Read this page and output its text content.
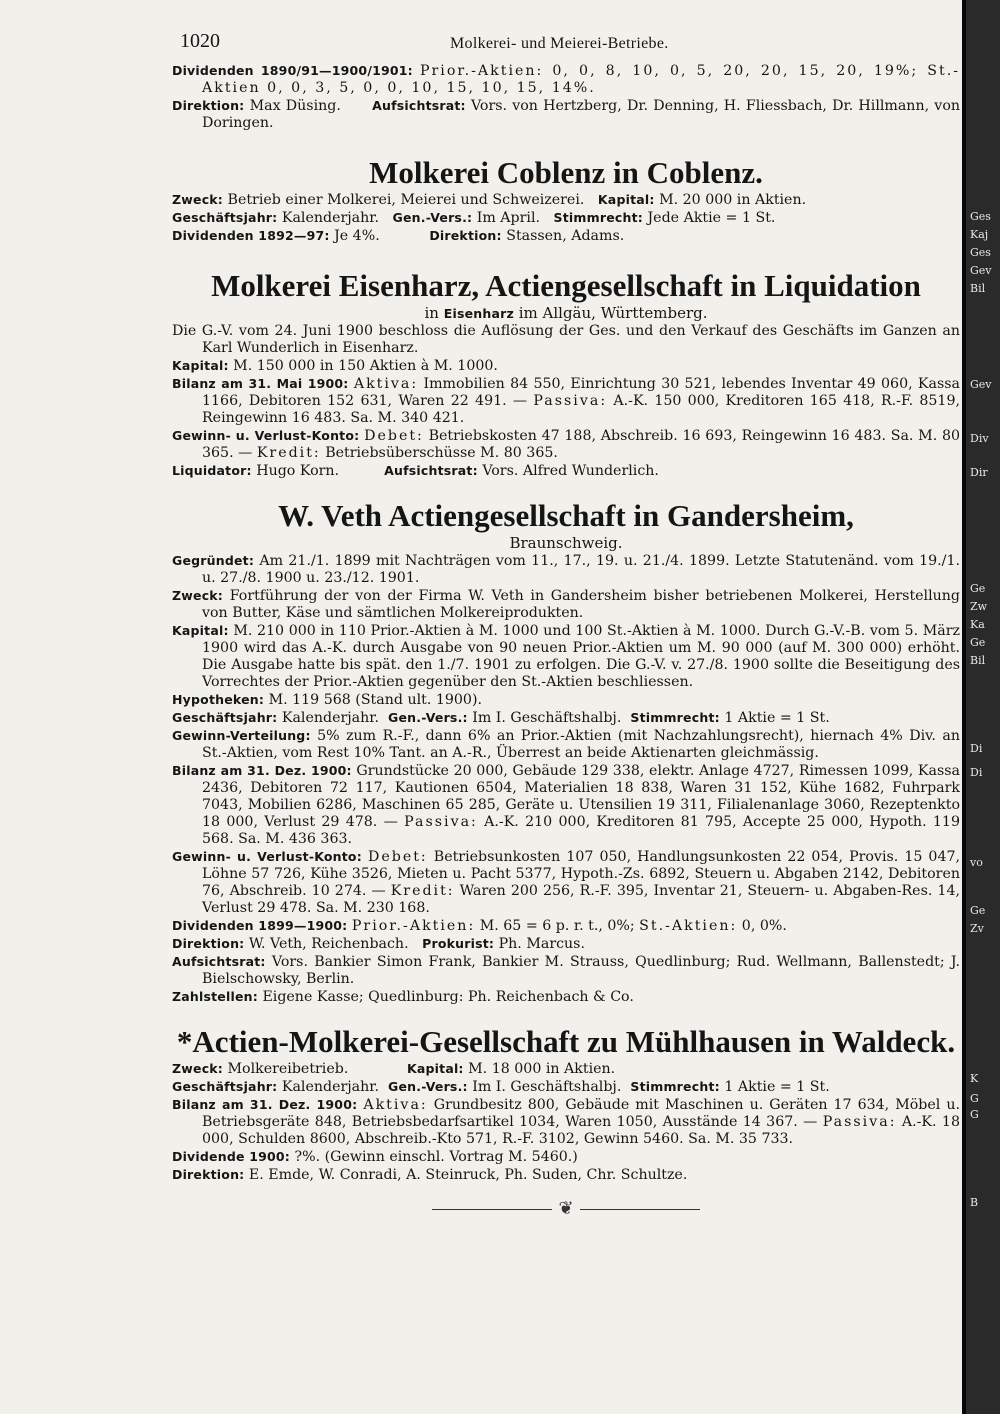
1020	Molkerei- und Meierei-Betriebe.

Dividenden 1890/91—1900/1901: Prior.-Aktien: 0, 0, 8, 10, 0, 5, 20, 20, 15, 20, 19%; St.-Aktien 0, 0, 3, 5, 0, 0, 10, 15, 10, 15, 14%.

Direktion: Max Düsing.	Aufsichtsrat: Vors. von Hertzberg, Dr. Denning, H. Fliessbach, Dr. Hillmann, von Doringen.

Molkerei Coblenz in Coblenz.

Zweck: Betrieb einer Molkerei, Meierei und Schweizerei. Kapital: M. 20 000 in Aktien.

Geschäftsjahr: Kalenderjahr. Gen.-Vers.: Im April. Stimmrecht: Jede Aktie = 1 St.

Dividenden 1892—97: Je 4%.	Direktion: Stassen, Adams.

Molkerei Eisenharz, Actiengesellschaft in Liquidation

in Eisenharz im Allgäu, Württemberg.

Die G.-V. vom 24. Juni 1900 beschloss die Auflösung der Ges. und den Verkauf des Geschäfts im Ganzen an Karl Wunderlich in Eisenharz.

Kapital: M. 150 000 in 150 Aktien à M. 1000.

Bilanz am 31. Mai 1900: Aktiva: Immobilien 84 550, Einrichtung 30 521, lebendes Inventar 49 060, Kassa 1166, Debitoren 152 631, Waren 22 491. — Passiva: A.-K. 150 000, Kreditoren 165 418, R.-F. 8519, Reingewinn 16 483. Sa. M. 340 421.

Gewinn- u. Verlust-Konto: Debet: Betriebskosten 47 188, Abschreib. 16 693, Reingewinn 16 483. Sa. M. 80 365. — Kredit: Betriebsüberschüsse M. 80 365.

Liquidator: Hugo Korn.	Aufsichtsrat: Vors. Alfred Wunderlich.

W. Veth Actiengesellschaft in Gandersheim,

Braunschweig.

Gegründet: Am 21./1. 1899 mit Nachträgen vom 11., 17., 19. u. 21./4. 1899. Letzte Statutenänd. vom 19./1. u. 27./8. 1900 u. 23./12. 1901.

Zweck: Fortführung der von der Firma W. Veth in Gandersheim bisher betriebenen Molkerei, Herstellung von Butter, Käse und sämtlichen Molkereiprodukten.

Kapital: M. 210 000 in 110 Prior.-Aktien à M. 1000 und 100 St.-Aktien à M. 1000. Durch G.-V.-B. vom 5. März 1900 wird das A.-K. durch Ausgabe von 90 neuen Prior.-Aktien um M. 90 000 (auf M. 300 000) erhöht. Die Ausgabe hatte bis spät. den 1./7. 1901 zu erfolgen. Die G.-V. v. 27./8. 1900 sollte die Beseitigung des Vorrechtes der Prior.-Aktien gegenüber den St.-Aktien beschliessen.

Hypotheken: M. 119 568 (Stand ult. 1900).

Geschäftsjahr: Kalenderjahr. Gen.-Vers.: Im I. Geschäftshalbj. Stimmrecht: 1 Aktie = 1 St.

Gewinn-Verteilung: 5% zum R.-F., dann 6% an Prior.-Aktien (mit Nachzahlungsrecht), hiernach 4% Div. an St.-Aktien, vom Rest 10% Tant. an A.-R., Überrest an beide Aktienarten gleichmässig.

Bilanz am 31. Dez. 1900: Grundstücke 20 000, Gebäude 129 338, elektr. Anlage 4727, Rimessen 1099, Kassa 2436, Debitoren 72 117, Kautionen 6504, Materialien 18 838, Waren 31 152, Kühe 1682, Fuhrpark 7043, Mobilien 6286, Maschinen 65 285, Geräte u. Utensilien 19 311, Filialenanlage 3060, Rezeptenkto 18 000, Verlust 29 478. — Passiva: A.-K. 210 000, Kreditoren 81 795, Accepte 25 000, Hypoth. 119 568. Sa. M. 436 363.

Gewinn- u. Verlust-Konto: Debet: Betriebsunkosten 107 050, Handlungsunkosten 22 054, Provis. 15 047, Löhne 57 726, Kühe 3526, Mieten u. Pacht 5377, Hypoth.-Zs. 6892, Steuern u. Abgaben 2142, Debitoren 76, Abschreib. 10 274. — Kredit: Waren 200 256, R.-F. 395, Inventar 21, Steuern- u. Abgaben-Res. 14, Verlust 29 478. Sa. M. 230 168.

Dividenden 1899—1900: Prior.-Aktien: M. 65 = 6 p. r. t., 0%; St.-Aktien: 0, 0%.

Direktion: W. Veth, Reichenbach. Prokurist: Ph. Marcus.

Aufsichtsrat: Vors. Bankier Simon Frank, Bankier M. Strauss, Quedlinburg; Rud. Wellmann, Ballenstedt; J. Bielschowsky, Berlin.

Zahlstellen: Eigene Kasse; Quedlinburg: Ph. Reichenbach & Co.

*Actien-Molkerei-Gesellschaft zu Mühlhausen in Waldeck.

Zweck: Molkereibetrieb.	Kapital: M. 18 000 in Aktien.

Geschäftsjahr: Kalenderjahr. Gen.-Vers.: Im I. Geschäftshalbj. Stimmrecht: 1 Aktie = 1 St.

Bilanz am 31. Dez. 1900: Aktiva: Grundbesitz 800, Gebäude mit Maschinen u. Geräten 17 634, Möbel u. Betriebsgeräte 848, Betriebsbedarfsartikel 1034, Waren 1050, Ausstände 14 367. — Passiva: A.-K. 18 000, Schulden 8600, Abschreib.-Kto 571, R.-F. 3102, Gewinn 5460. Sa. M. 35 733.

Dividende 1900: ?%. (Gewinn einschl. Vortrag M. 5460.)

Direktion: E. Emde, W. Conradi, A. Steinruck, Ph. Suden, Chr. Schultze.

❦
Ges
Kaj
Ges
Gev
Bil
Gev
Div
Dir
Ge
Zw
Ka
Ge
Bil
Di
Di
vo
Ge
Zv
K
G
G
B
